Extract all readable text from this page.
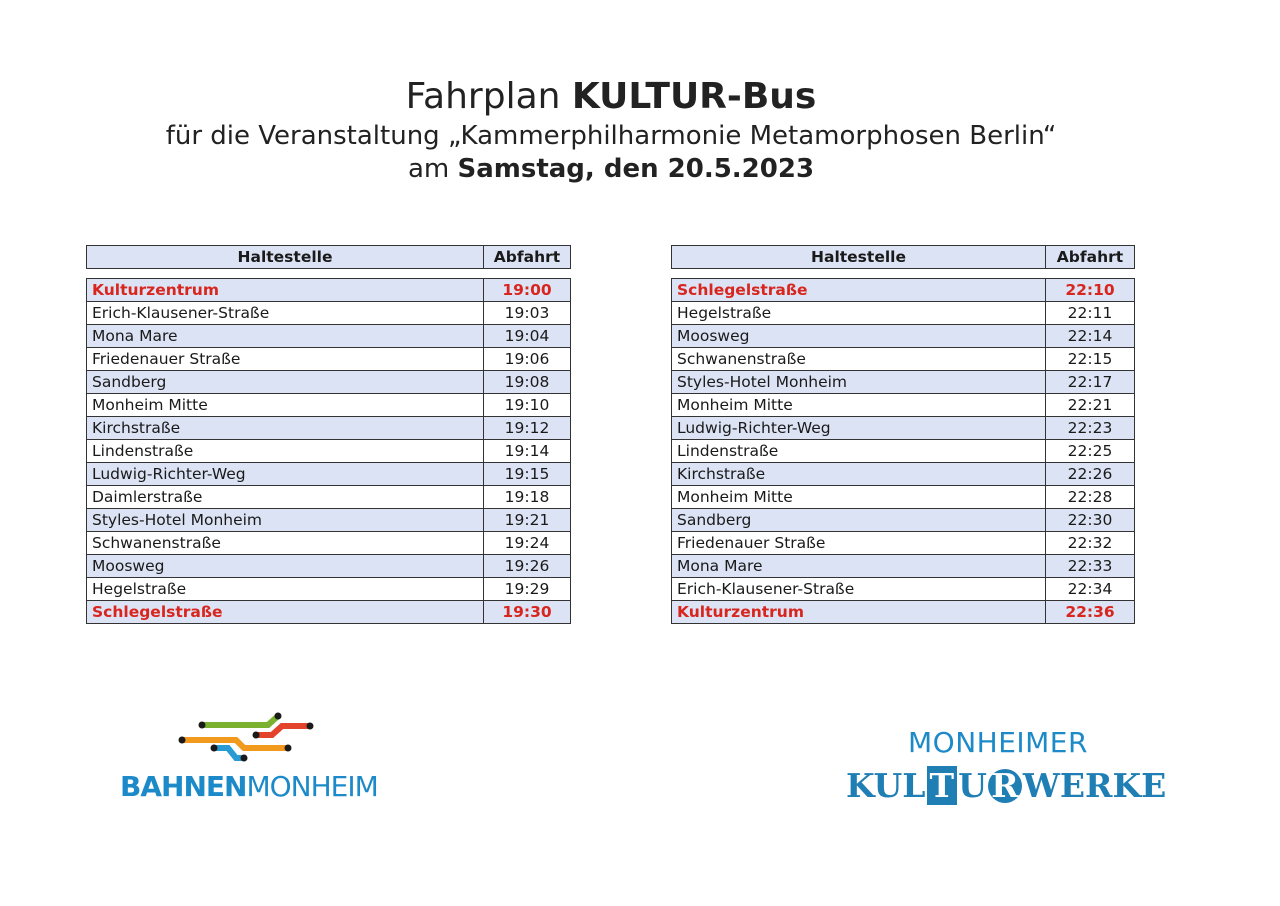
Fahrplan KULTUR-Bus
für die Veranstaltung „Kammerphilharmonie Metamorphosen Berlin“
am Samstag, den 20.5.2023
Haltestelle	Abfahrt

Kulturzentrum	19:00
Erich-Klausener-Straße	19:03
Mona Mare	19:04
Friedenauer Straße	19:06
Sandberg	19:08
Monheim Mitte	19:10
Kirchstraße	19:12
Lindenstraße	19:14
Ludwig-Richter-Weg	19:15
Daimlerstraße	19:18
Styles-Hotel Monheim	19:21
Schwanenstraße	19:24
Moosweg	19:26
Hegelstraße	19:29
Schlegelstraße	19:30
Haltestelle	Abfahrt

Schlegelstraße	22:10
Hegelstraße	22:11
Moosweg	22:14
Schwanenstraße	22:15
Styles-Hotel Monheim	22:17
Monheim Mitte	22:21
Ludwig-Richter-Weg	22:23
Lindenstraße	22:25
Kirchstraße	22:26
Monheim Mitte	22:28
Sandberg	22:30
Friedenauer Straße	22:32
Mona Mare	22:33
Erich-Klausener-Straße	22:34
Kulturzentrum	22:36
BAHNENMONHEIM
MONHEIMER
KUL T U R WERKE
